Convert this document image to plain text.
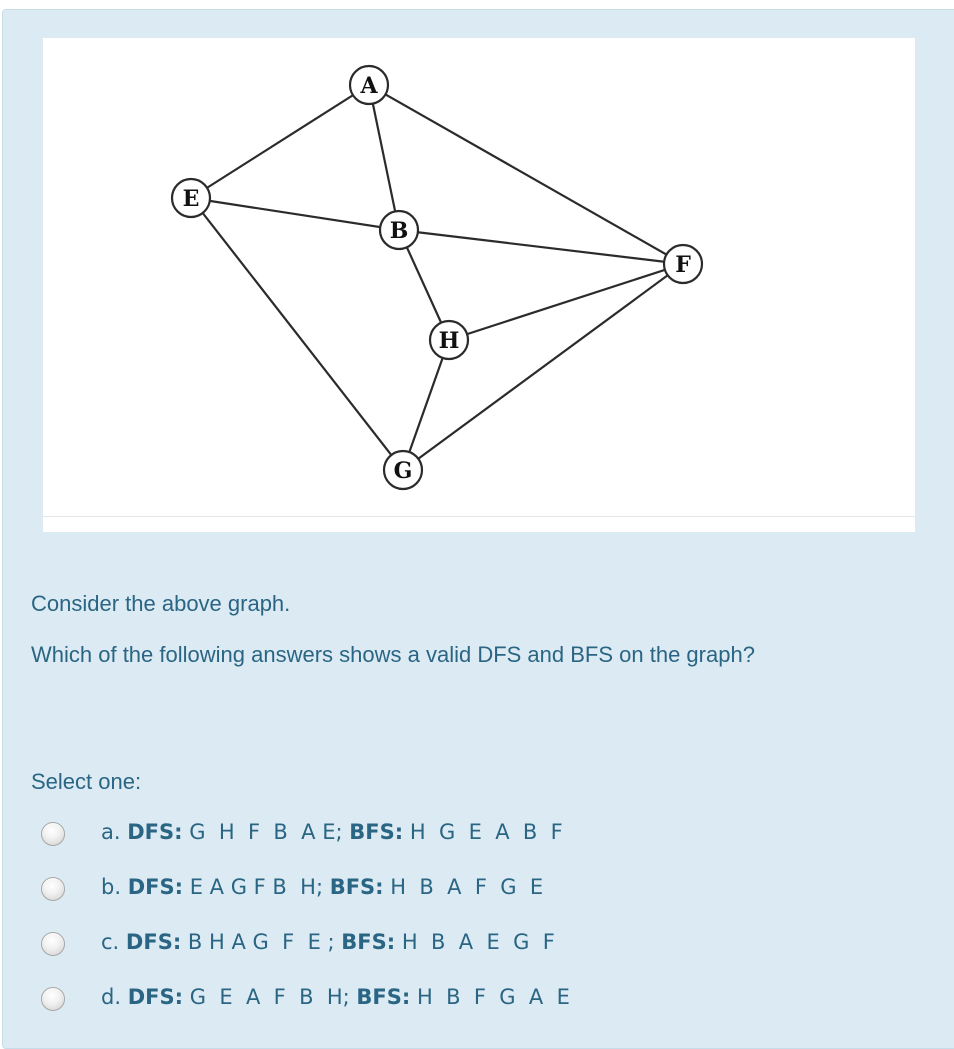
A
B
E
F
H
G
Consider the above graph.
Which of the following answers shows a valid DFS and BFS on the graph?
Select one:
a. DFS: G  H  F  B  A E; BFS: H  G  E  A  B  F
b. DFS: E A G F B  H; BFS: H  B  A  F  G  E
c. DFS: B H A G  F  E ; BFS: H  B  A  E  G  F
d. DFS: G  E  A  F  B  H; BFS: H  B  F  G  A  E
